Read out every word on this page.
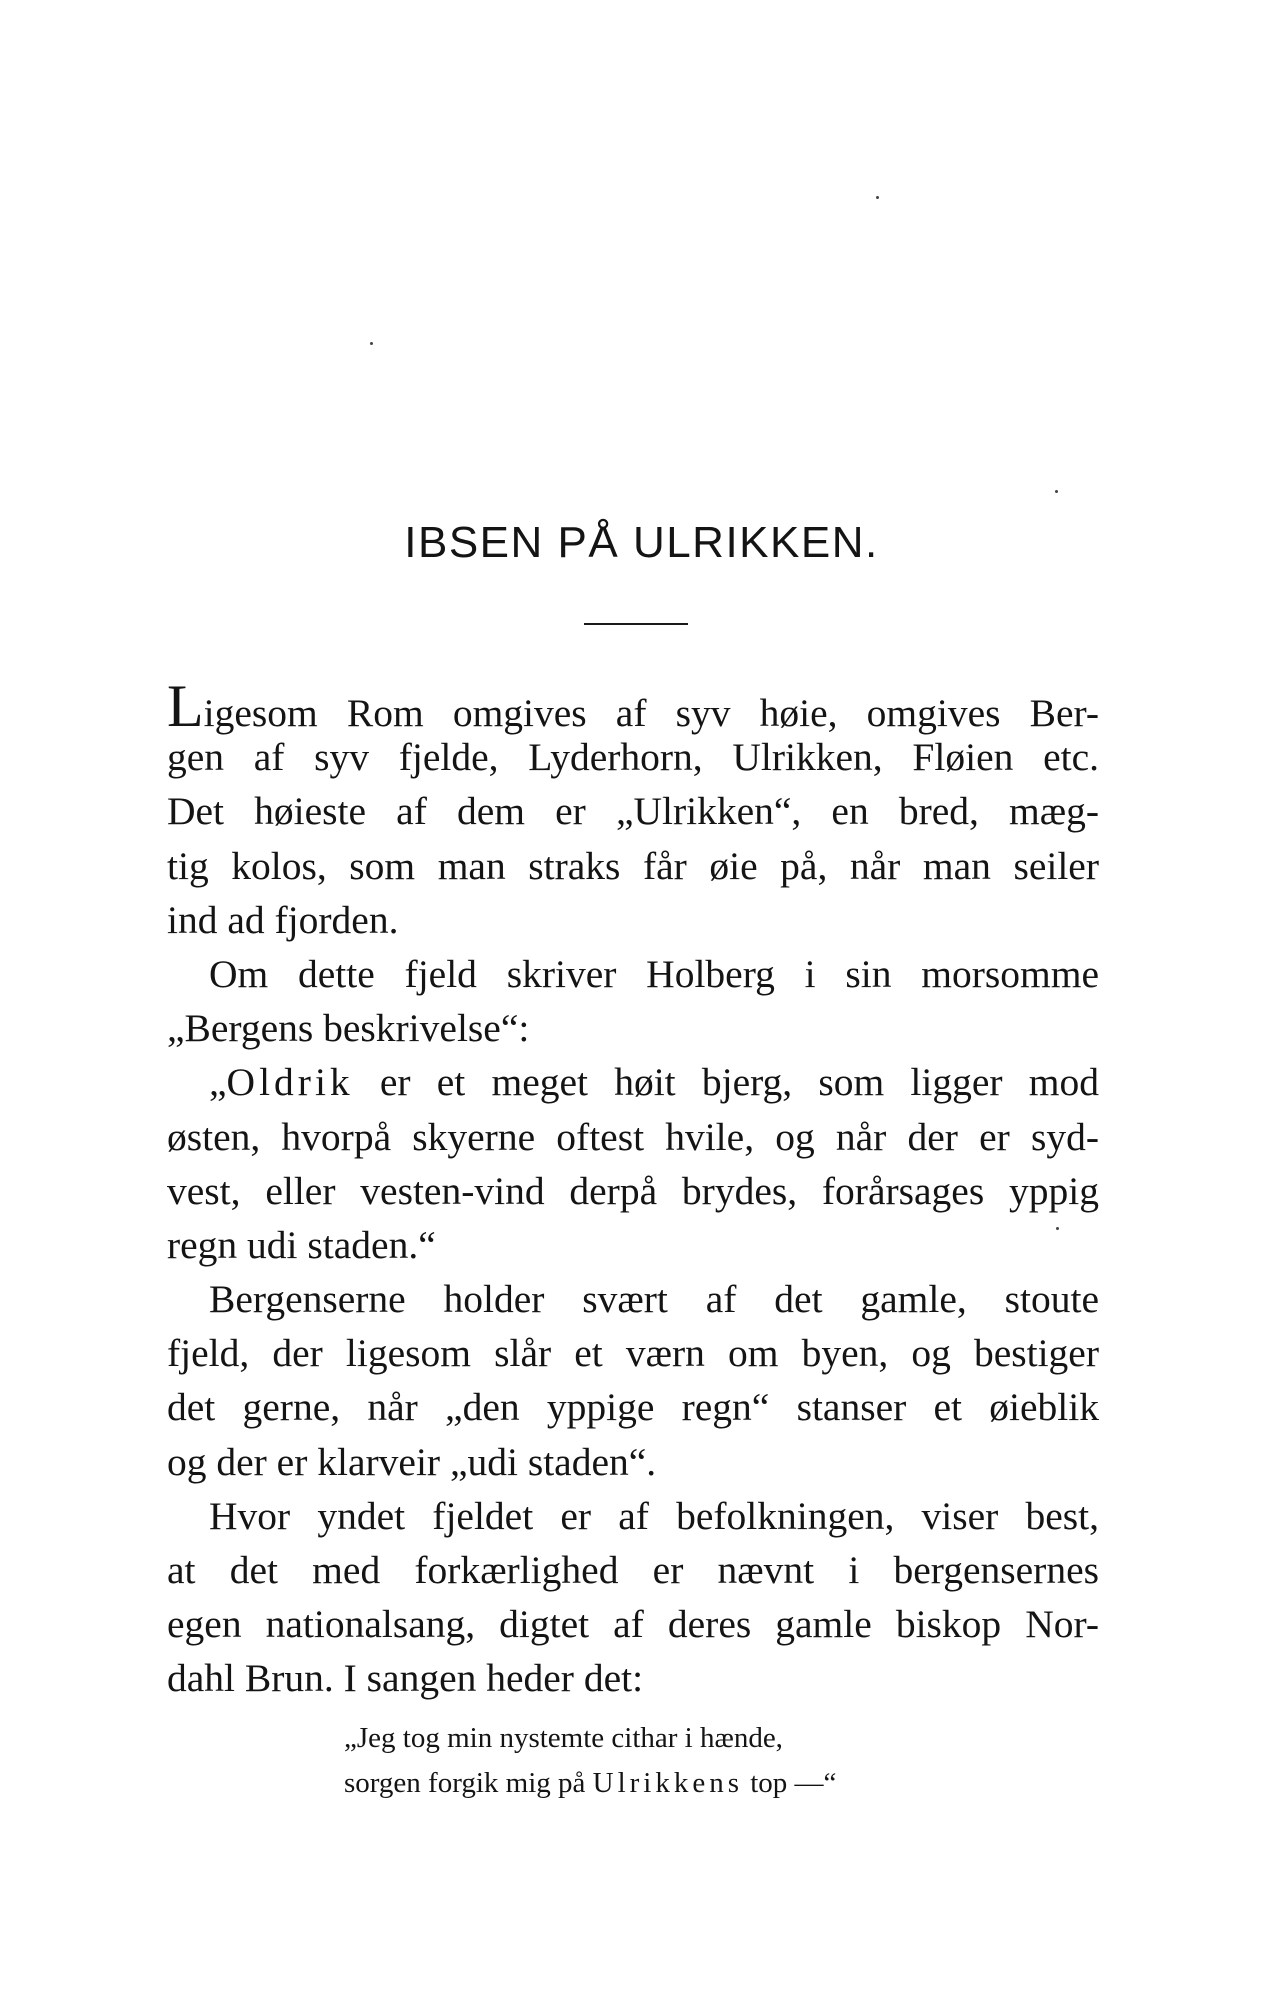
IBSEN PÅ ULRIKKEN.
Ligesom Rom omgives af syv høie, omgives Ber-
gen af syv fjelde, Lyderhorn, Ulrikken, Fløien etc.
Det høieste af dem er „Ulrikken“, en bred, mæg-
tig kolos, som man straks får øie på, når man seiler
ind ad fjorden.
Om dette fjeld skriver Holberg i sin morsomme
„Bergens beskrivelse“:
„Oldrik er et meget høit bjerg, som ligger mod
østen, hvorpå skyerne oftest hvile, og når der er syd-
vest, eller vesten-vind derpå brydes, forårsages yppig
regn udi staden.“
Bergenserne holder svært af det gamle, stoute
fjeld, der ligesom slår et værn om byen, og bestiger
det gerne, når „den yppige regn“ stanser et øieblik
og der er klarveir „udi staden“.
Hvor yndet fjeldet er af befolkningen, viser best,
at det med forkærlighed er nævnt i bergensernes
egen nationalsang, digtet af deres gamle biskop Nor-
dahl Brun. I sangen heder det:
„Jeg tog min nystemte cithar i hænde,
sorgen forgik mig på Ulrikkens top —“
